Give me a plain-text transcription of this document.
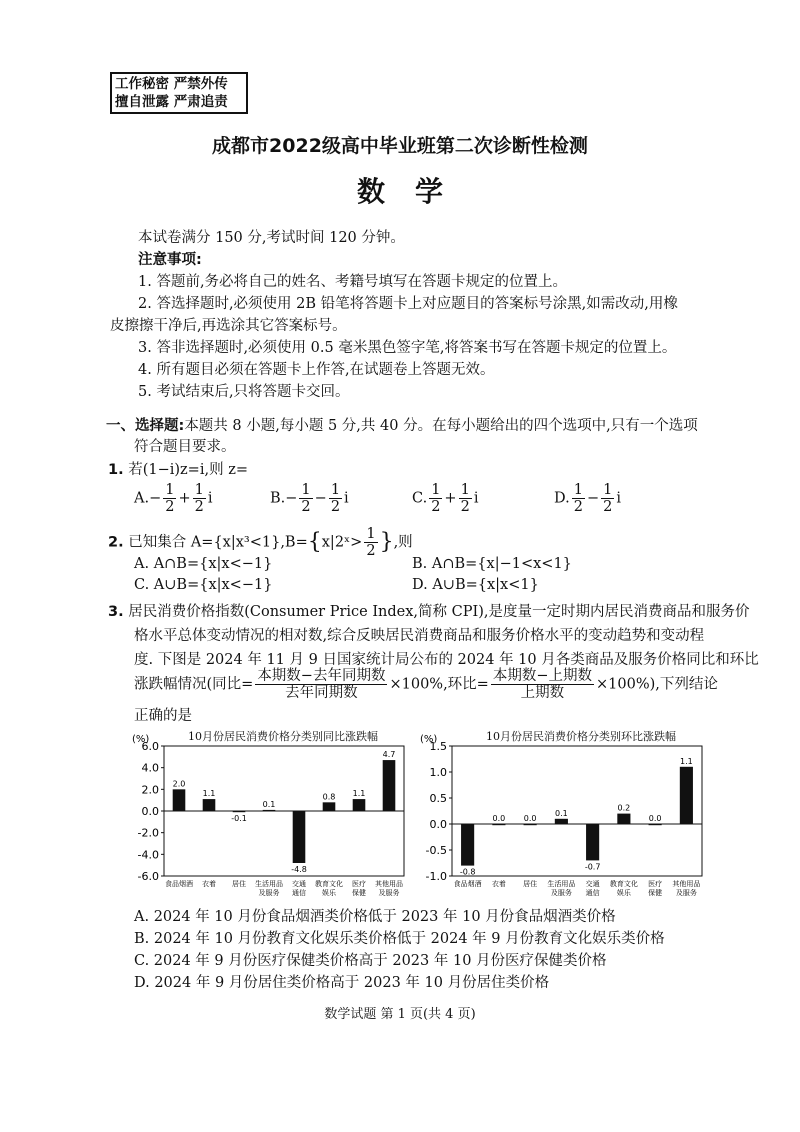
工作秘密 严禁外传
擅自泄露 严肃追责
成都市2022级高中毕业班第二次诊断性检测
数学
本试卷满分 150 分,考试时间 120 分钟。
注意事项:
1. 答题前,务必将自己的姓名、考籍号填写在答题卡规定的位置上。
2. 答选择题时,必须使用 2B 铅笔将答题卡上对应题目的答案标号涂黑,如需改动,用橡
皮擦擦干净后,再选涂其它答案标号。
3. 答非选择题时,必须使用 0.5 毫米黑色签字笔,将答案书写在答题卡规定的位置上。
4. 所有题目必须在答题卡上作答,在试题卷上答题无效。
5. 考试结束后,只将答题卡交回。
一、选择题:本题共 8 小题,每小题 5 分,共 40 分。在每小题给出的四个选项中,只有一个选项
符合题目要求。
1. 若(1−i)z=i,则 z=
$A.- \frac{1}{2} + \frac{1}{2}$ i	$B.- \frac{1}{2} - \frac{1}{2}$ i	C. $\frac{1}{2} + \frac{1}{2}$ i	D. $\frac{1}{2} - \frac{1}{2}$ i
2. 已知集合 A={x|x³<1},B={x|2ˣ> $\frac{1}{2}$ },则
A. A∩B={x|x<−1}	B. A∩B={x|−1<x<1}
C. A∪B={x|x<−1}	D. A∪B={x|x<1}
3. 居民消费价格指数(Consumer Price Index,简称 CPI),是度量一定时期内居民消费商品和服务价
格水平总体变动情况的相对数,综合反映居民消费商品和服务价格水平的变动趋势和变动程
度. 下图是 2024 年 11 月 9 日国家统计局公布的 2024 年 10 月各类商品及服务价格同比和环比
涨跌幅情况(同比= $\frac{\text{本期数−去年同期数}}{\text{去年同期数}} \times 100\%$,环比= $\frac{\text{本期数−上期数}}{\text{上期数}} \times 100\%$),下列结论
正确的是
10月份居民消费价格分类别同比涨跌幅	10月份居民消费价格分类别环比涨跌幅
(%)
6.0
4.0
2.0
0.0
-2.0
-4.0
-6.0
2.0
食品烟酒
1.1
衣着
-0.1
居住
0.1
生活用品
及服务
-4.8
交通
通信
0.8
教育文化
娱乐
1.1
医疗
保健
4.7
其他用品
及服务
(%)
1.5
1.0
0.5
0.0
-0.5
-1.0 -0.8
食品烟酒
0.0
衣着
0.0
居住
0.1
生活用品
及服务
-0.7
交通
通信
0.2
教育文化
娱乐
0.0
医疗
保健
1.1
其他用品
及服务
A. 2024 年 10 月份食品烟酒类价格低于 2023 年 10 月份食品烟酒类价格
B. 2024 年 10 月份教育文化娱乐类价格低于 2024 年 9 月份教育文化娱乐类价格
C. 2024 年 9 月份医疗保健类价格高于 2023 年 10 月份医疗保健类价格
D. 2024 年 9 月份居住类价格高于 2023 年 10 月份居住类价格
数学试题 第 1 页(共 4 页)
